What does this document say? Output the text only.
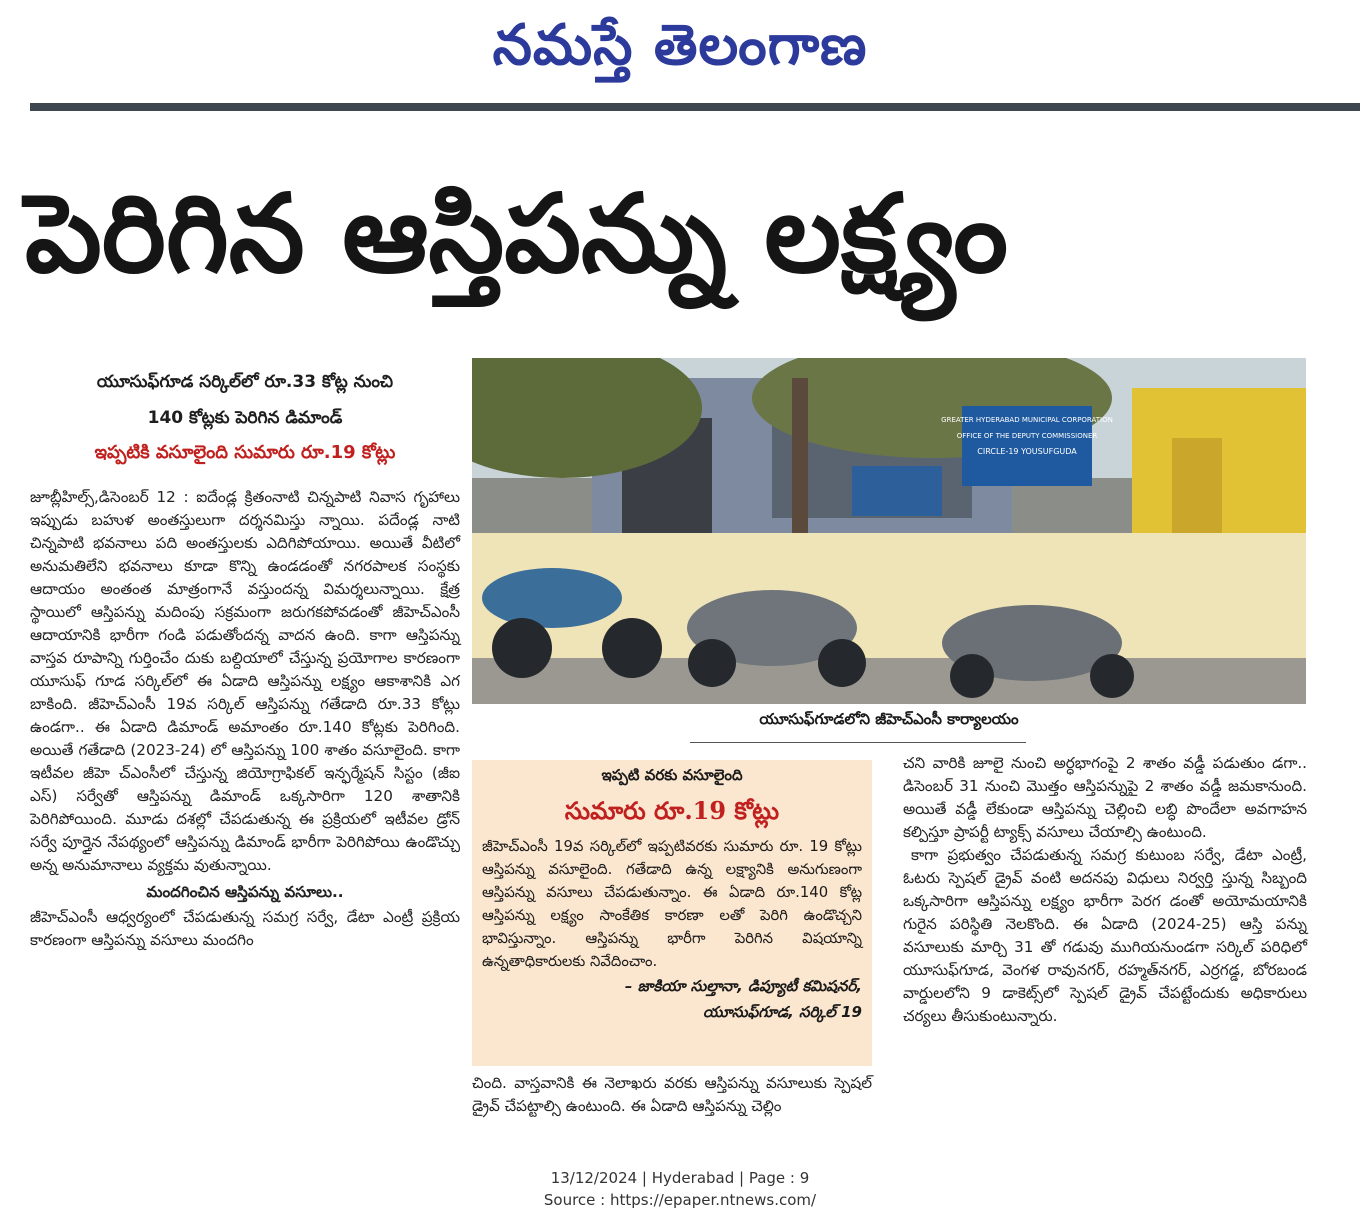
నమస్తే తెలంగాణ
పెరిగిన ఆస్తిపన్ను లక్ష్యం
యూసుఫ్‌గూడ సర్కిల్‌లో రూ.33 కోట్ల నుంచి
140 కోట్లకు పెరిగిన డిమాండ్
ఇప్పటికి వసూలైంది సుమారు రూ.19 కోట్లు

జూబ్లీహిల్స్,డిసెంబర్ 12 : ఐదేండ్ల క్రితంనాటి చిన్నపాటి నివాస గృహాలు ఇప్పుడు బహుళ అంతస్తులుగా దర్శనమిస్తు న్నాయి. పదేండ్ల నాటి చిన్నపాటి భవనాలు పది అంతస్తులకు ఎదిగిపోయాయి. అయితే వీటిలో అనుమతిలేని భవనాలు కూడా కొన్ని ఉండడంతో నగరపాలక సంస్థకు ఆదాయం అంతంత మాత్రంగానే వస్తుందన్న విమర్శలున్నాయి. క్షేత్ర స్థాయిలో ఆస్తిపన్ను మదింపు సక్రమంగా జరుగకపోవడంతో జీహెచ్‌ఎంసీ ఆదాయానికి భారీగా గండి పడుతోందన్న వాదన ఉంది. కాగా ఆస్తిపన్ను వాస్తవ రూపాన్ని గుర్తించేం దుకు బల్దియాలో చేస్తున్న ప్రయోగాల కారణంగా యూసుఫ్ గూడ సర్కిల్‌లో ఈ ఏడాది ఆస్తిపన్ను లక్ష్యం ఆకాశానికి ఎగ బాకింది. జీహెచ్‌ఎంసీ 19వ సర్కిల్ ఆస్తిపన్ను గతేడాది రూ.33 కోట్లు ఉండగా.. ఈ ఏడాది డిమాండ్ అమాంతం రూ.140 కోట్లకు పెరిగింది. అయితే గతేడాది (2023-24) లో ఆస్తిపన్ను 100 శాతం వసూలైంది. కాగా ఇటీవల జీహె చ్‌ఎంసీలో చేస్తున్న జియోగ్రాఫికల్ ఇన్ఫర్మేషన్ సిస్టం (జీఐ ఎస్) సర్వేతో ఆస్తిపన్ను డిమాండ్ ఒక్కసారిగా 120 శాతానికి పెరిగిపోయింది. మూడు దశల్లో చేపడుతున్న ఈ ప్రక్రియలో ఇటీవల డ్రోన్ సర్వే పూర్తైన నేపథ్యంలో ఆస్తిపన్ను డిమాండ్ భారీగా పెరిగిపోయి ఉండొచ్చు అన్న అనుమానాలు వ్యక్తమ వుతున్నాయి.

మందగించిన ఆస్తిపన్ను వసూలు..

జీహెచ్‌ఎంసీ ఆధ్వర్యంలో చేపడుతున్న సమగ్ర సర్వే, డేటా ఎంట్రీ ప్రక్రియ కారణంగా ఆస్తిపన్ను వసూలు మందగిం

GREATER HYDERABAD MUNICIPAL CORPORATION
OFFICE OF THE DEPUTY COMMISSIONER
CIRCLE-19 YOUSUFGUDA
యూసుఫ్‌గూడలోని జీహెచ్‌ఎంసీ కార్యాలయం
ఇప్పటి వరకు వసూలైంది
సుమారు రూ.19 కోట్లు
జీహెచ్‌ఎంసీ 19వ సర్కిల్‌లో ఇప్పటివరకు సుమారు రూ. 19 కోట్లు ఆస్తిపన్ను వసూలైంది. గతేడాది ఉన్న లక్ష్యానికి అనుగుణంగా ఆస్తిపన్ను వసూలు చేపడుతున్నాం. ఈ ఏడాది రూ.140 కోట్ల ఆస్తిపన్ను లక్ష్యం సాంకేతిక కారణా లతో పెరిగి ఉండొచ్చని భావిస్తున్నాం. ఆస్తిపన్ను భారీగా పెరిగిన విషయాన్ని ఉన్నతాధికారులకు నివేదించాం.
– జాకియా సుల్తానా, డిప్యూటీ కమిషనర్,
యూసుఫ్‌గూడ, సర్కిల్ 19

చింది. వాస్తవానికి ఈ నెలాఖరు వరకు ఆస్తిపన్ను వసూలుకు స్పెషల్ డ్రైవ్ చేపట్టాల్సి ఉంటుంది. ఈ ఏడాది ఆస్తిపన్ను చెల్లిం

చని వారికి జూలై నుంచి అర్ధభాగంపై 2 శాతం వడ్డీ పడుతుం డగా.. డిసెంబర్ 31 నుంచి మొత్తం ఆస్తిపన్నుపై 2 శాతం వడ్డీ జమకానుంది. అయితే వడ్డీ లేకుండా ఆస్తిపన్ను చెల్లించి లబ్ధి పొందేలా అవగాహన కల్పిస్తూ ప్రాపర్టీ ట్యాక్స్ వసూలు చేయాల్సి ఉంటుంది.

కాగా ప్రభుత్వం చేపడుతున్న సమగ్ర కుటుంబ సర్వే, డేటా ఎంట్రీ, ఓటరు స్పెషల్ డ్రైవ్ వంటి అదనపు విధులు నిర్వర్తి స్తున్న సిబ్బంది ఒక్కసారిగా ఆస్తిపన్ను లక్ష్యం భారీగా పెరగ డంతో అయోమయానికి గురైన పరిస్థితి నెలకొంది. ఈ ఏడాది (2024-25) ఆస్తి పన్ను వసూలుకు మార్చి 31 తో గడువు ముగియనుండగా సర్కిల్ పరిధిలో యూసుఫ్‌గూడ, వెంగళ రావునగర్, రహ్మత్‌నగర్, ఎర్రగడ్డ, బోరబండ వార్డులలోని 9 డాకెట్స్‌లో స్పెషల్ డ్రైవ్ చేపట్టేందుకు అధికారులు చర్యలు తీసుకుంటున్నారు.

13/12/2024 | Hyderabad | Page : 9
Source : https://epaper.ntnews.com/
